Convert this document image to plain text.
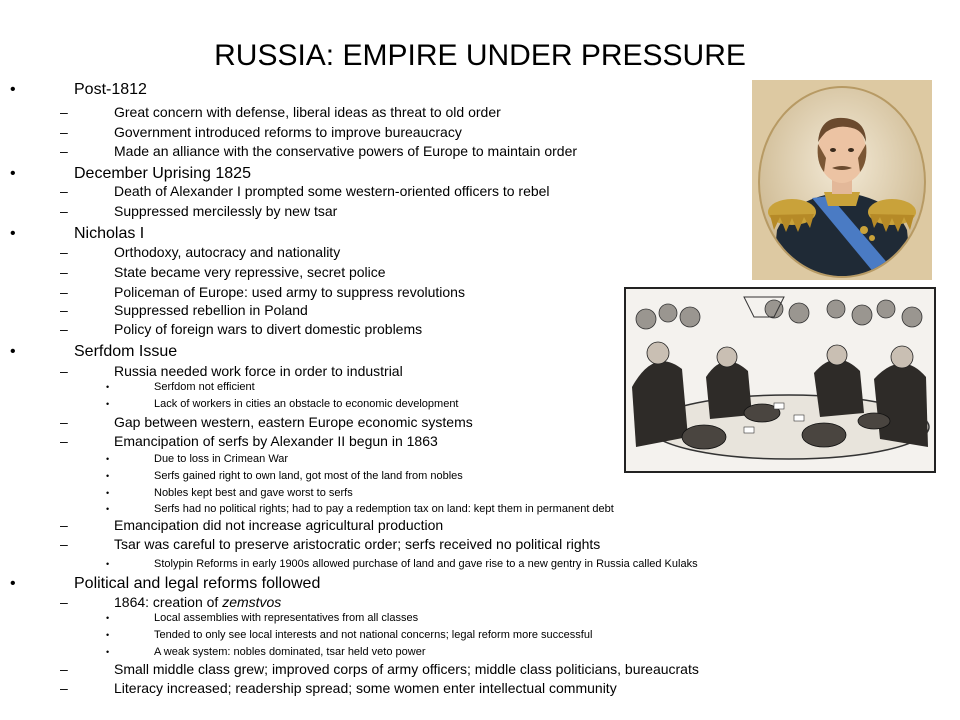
RUSSIA: EMPIRE UNDER PRESSURE
•	Post-1812
–	Great concern with defense, liberal ideas as threat to old order
–	Government introduced reforms to improve bureaucracy
–	Made an alliance with the conservative powers of Europe to maintain order
•	December Uprising 1825
–	Death of Alexander I prompted some western-oriented officers to rebel
–	Suppressed mercilessly by new tsar
•	Nicholas I
–	Orthodoxy, autocracy and nationality
–	State became very repressive, secret police
–	Policeman of Europe: used army to suppress revolutions
–	Suppressed rebellion in Poland
–	Policy of foreign wars to divert domestic problems
•	Serfdom Issue
–	Russia needed work force in order to industrial
•	Serfdom not efficient
•	Lack of workers in cities an obstacle to economic development
–	Gap between western, eastern Europe economic systems
–	Emancipation of serfs by Alexander II begun in 1863
•	Due to loss in Crimean War
•	Serfs gained right to own land, got most of the land from nobles
•	Nobles kept best and gave worst to serfs
•	Serfs had no political rights; had to pay a redemption tax on land: kept them in permanent debt
–	Emancipation did not increase agricultural production
–	Tsar was careful to preserve aristocratic order; serfs received no political rights
•	Stolypin Reforms in early 1900s allowed purchase of land and gave rise to a new gentry in Russia called Kulaks
•	Political and legal reforms followed
–	1864: creation of zemstvos
•	Local assemblies with representatives from all classes
•	Tended to only see local interests and not national concerns; legal reform more successful
•	A weak system: nobles dominated, tsar held veto power
–	Small middle class grew; improved corps of army officers; middle class politicians, bureaucrats
–	Literacy increased; readership spread; some women enter intellectual community
